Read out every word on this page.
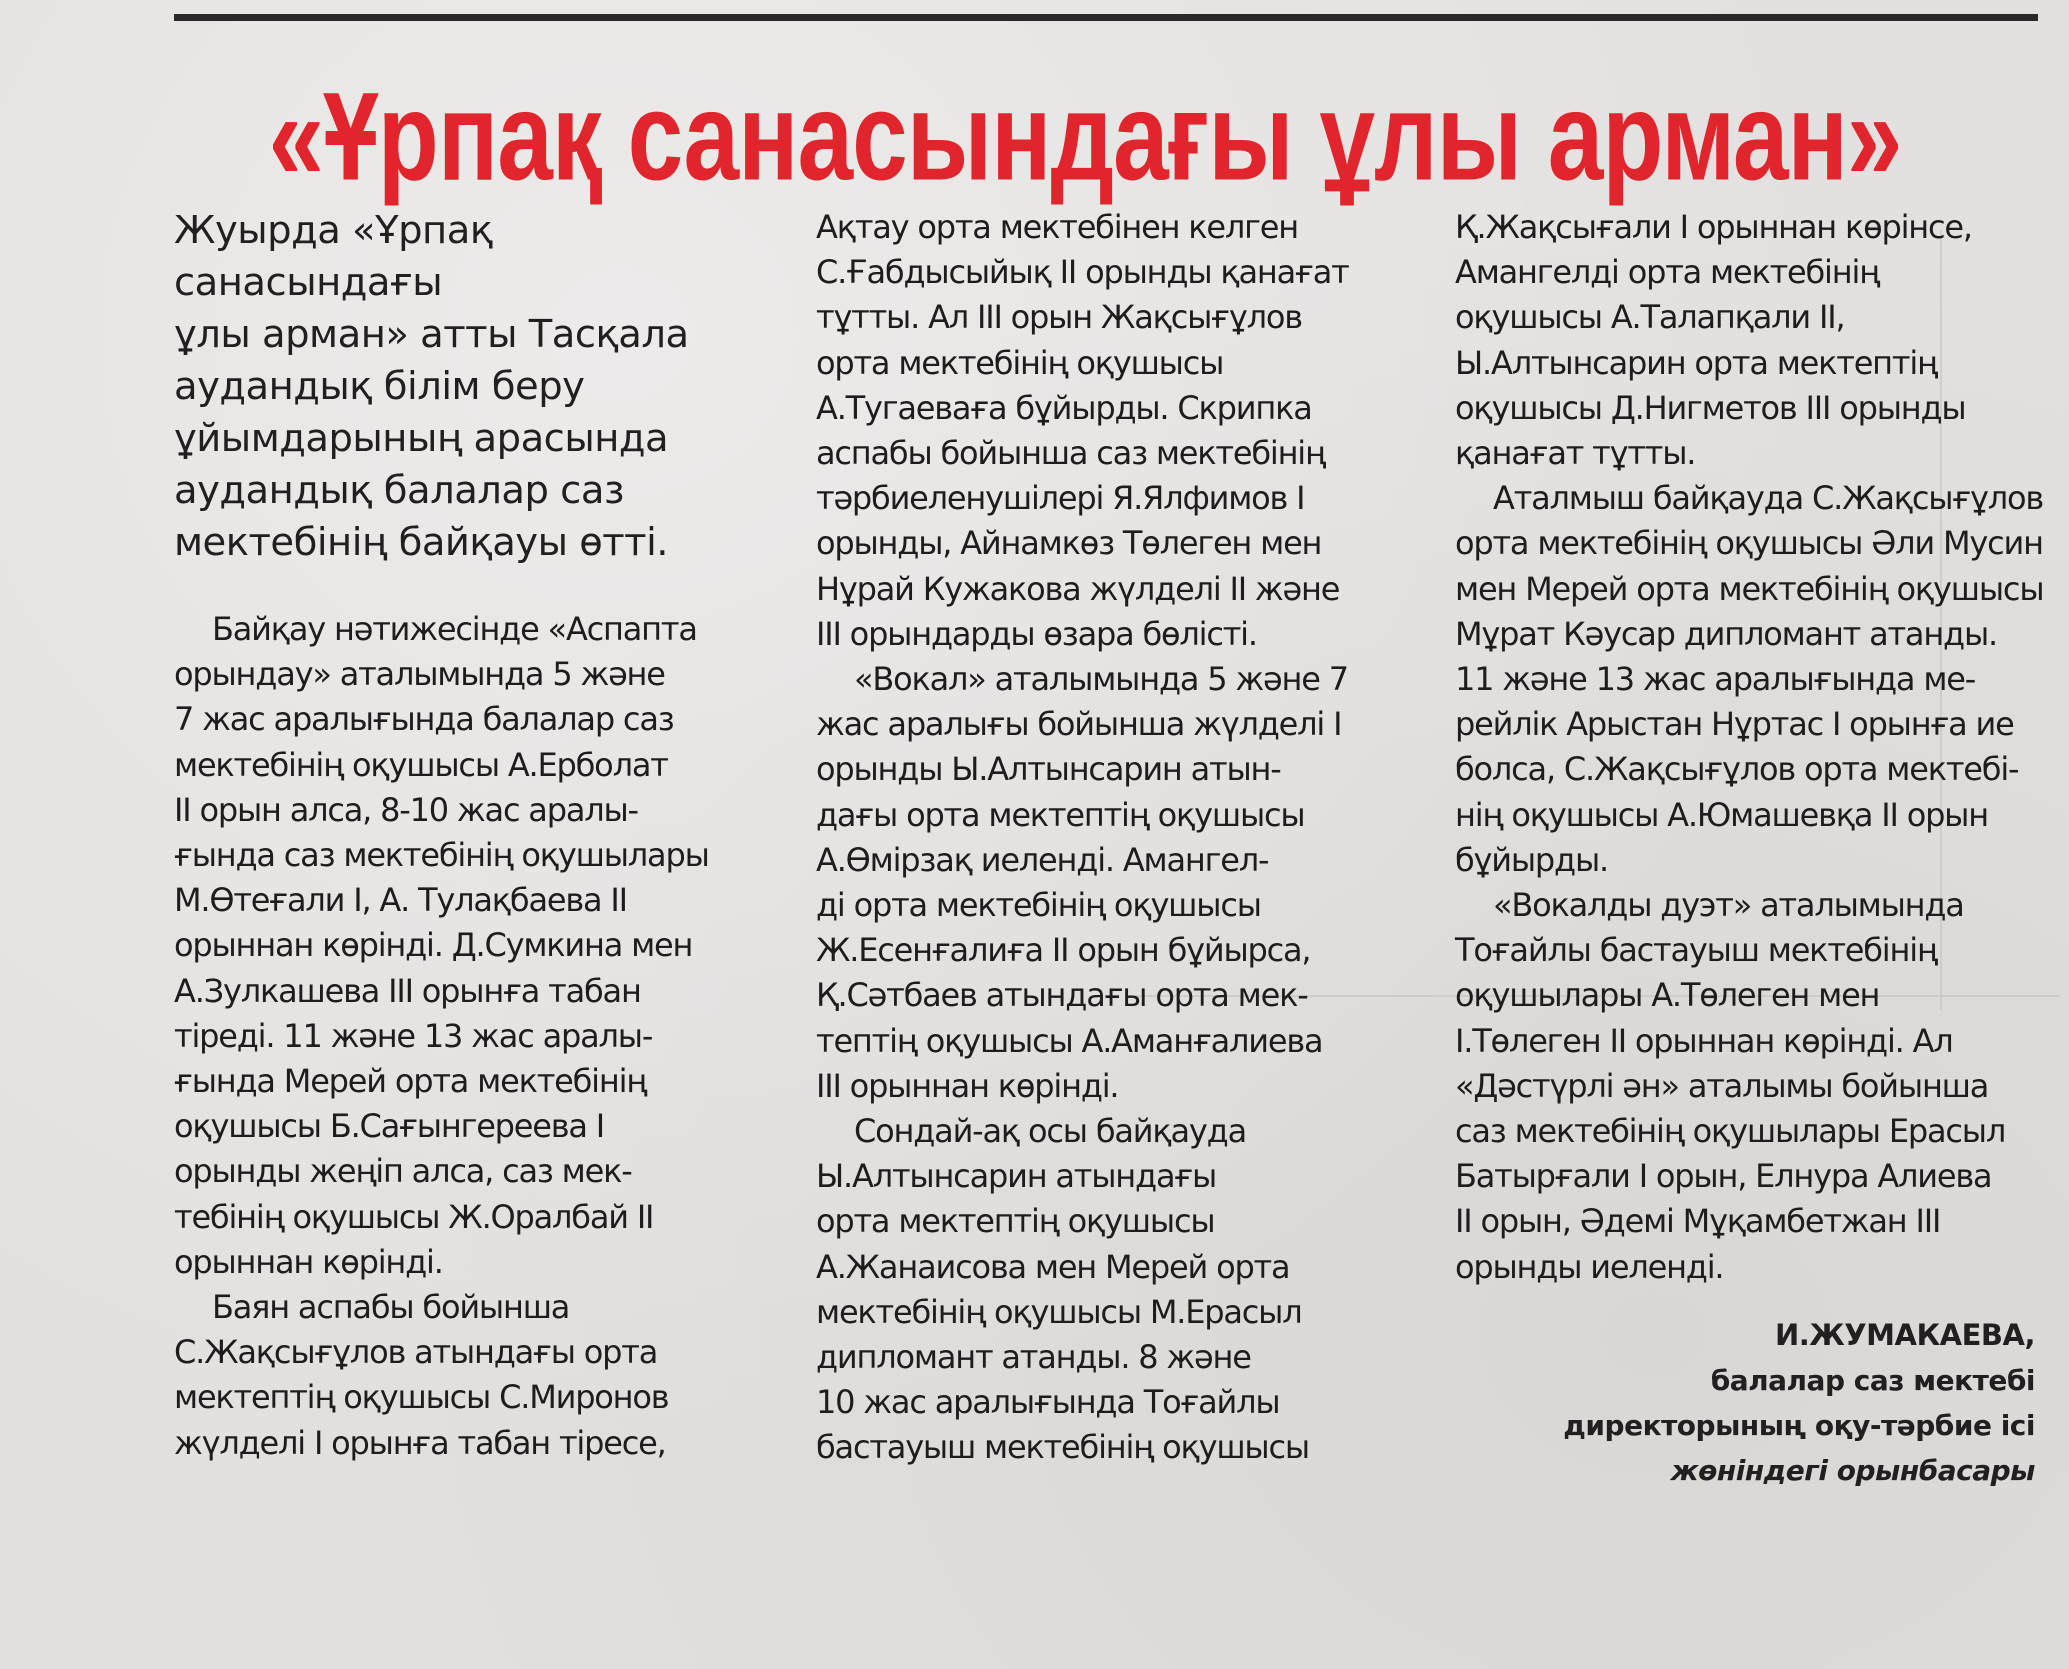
«Ұрпақ санасындағы ұлы арман»
Жуырда «Ұрпақ санасындағы
ұлы арман» атты Тасқала
аудандық білім беру
ұйымдарының арасында
аудандық балалар саз
мектебінің байқауы өтті.
Байқау нәтижесінде «Аспапта
орындау» аталымында 5 және
7 жас аралығында балалар саз
мектебінің оқушысы А.Ерболат
II орын алса, 8-10 жас аралы-
ғында саз мектебінің оқушылары
М.Өтеғали I, А. Тулақбаева II
орыннан көрінді. Д.Сумкина мен
А.Зулкашева III орынға табан
тіреді. 11 және 13 жас аралы-
ғында Мерей орта мектебінің
оқушысы Б.Сағынгереева I
орынды жеңіп алса, саз мек-
тебінің оқушысы Ж.Оралбай II
орыннан көрінді.
Баян аспабы бойынша
С.Жақсығұлов атындағы орта
мектептің оқушысы С.Миронов
жүлделі I орынға табан тіресе,
Ақтау орта мектебінен келген
С.Ғабдысыйық II орынды қанағат
тұтты. Ал III орын Жақсығұлов
орта мектебінің оқушысы
А.Тугаеваға бұйырды. Скрипка
аспабы бойынша саз мектебінің
тәрбиеленушілері Я.Ялфимов I
орынды, Айнамкөз Төлеген мен
Нұрай Кужакова жүлделі II және
III орындарды өзара бөлісті.
«Вокал» аталымында 5 және 7
жас аралығы бойынша жүлделі I
орынды Ы.Алтынсарин атын-
дағы орта мектептің оқушысы
А.Өмірзақ иеленді. Амангел-
ді орта мектебінің оқушысы
Ж.Есенғалиға II орын бұйырса,
Қ.Сәтбаев атындағы орта мек-
тептің оқушысы А.Аманғалиева
III орыннан көрінді.
Сондай-ақ осы байқауда
Ы.Алтынсарин атындағы
орта мектептің оқушысы
А.Жанаисова мен Мерей орта
мектебінің оқушысы М.Ерасыл
дипломант атанды. 8 және
10 жас аралығында Тоғайлы
бастауыш мектебінің оқушысы
Қ.Жақсығали I орыннан көрінсе,
Амангелді орта мектебінің
оқушысы А.Талапқали II,
Ы.Алтынсарин орта мектептің
оқушысы Д.Нигметов III орынды
қанағат тұтты.
Аталмыш байқауда С.Жақсығұлов
орта мектебінің оқушысы Әли Мусин
мен Мерей орта мектебінің оқушысы
Мұрат Кәусар дипломант атанды.
11 және 13 жас аралығында ме-
рейлік Арыстан Нұртас I орынға ие
болса, С.Жақсығұлов орта мектебі-
нің оқушысы А.Юмашевқа II орын
бұйырды.
«Вокалды дуэт» аталымында
Тоғайлы бастауыш мектебінің
оқушылары А.Төлеген мен
І.Төлеген II орыннан көрінді. Ал
«Дәстүрлі ән» аталымы бойынша
саз мектебінің оқушылары Ерасыл
Батырғали I орын, Елнура Алиева
II орын, Әдемі Мұқамбетжан III
орынды иеленді.
И.ЖУМАКАЕВА,
балалар саз мектебі
директорының оқу-тәрбие ісі
жөніндегі орынбасары
